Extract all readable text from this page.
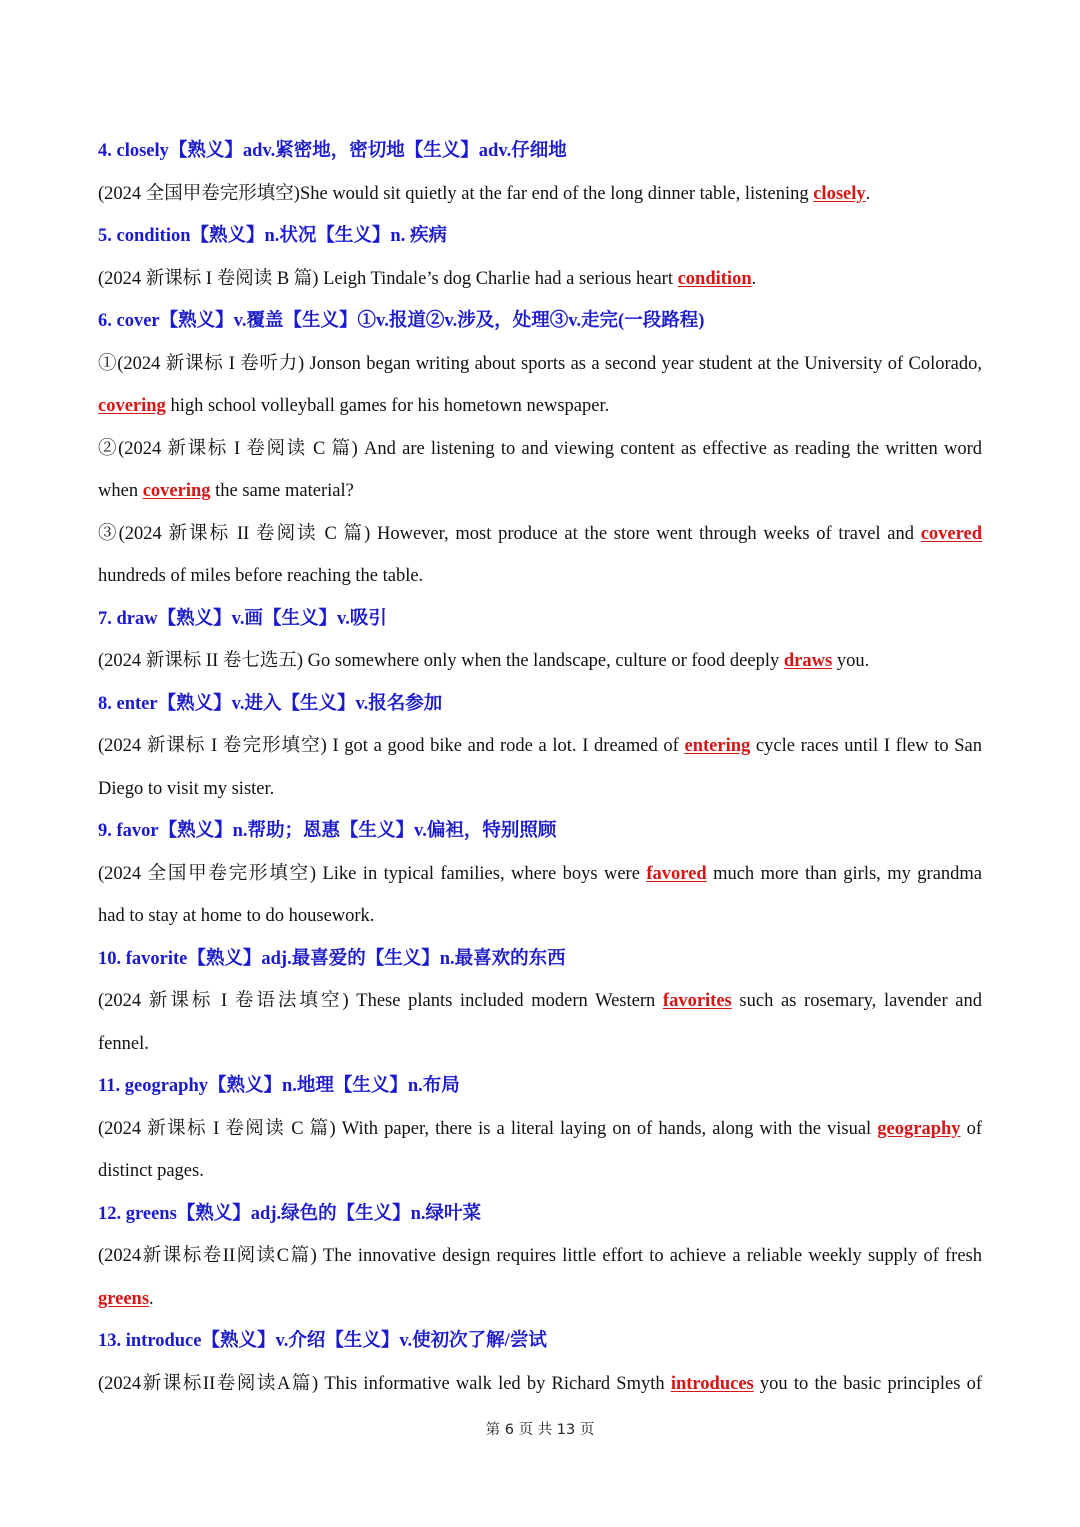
4. closely【熟义】adv.紧密地，密切地【生义】adv.仔细地
(2024 全国甲卷完形填空)She would sit quietly at the far end of the long dinner table, listening closely.
5. condition【熟义】n.状况【生义】n. 疾病
(2024 新课标 I 卷阅读 B 篇) Leigh Tindale’s dog Charlie had a serious heart condition.
6. cover【熟义】v.覆盖【生义】①v.报道②v.涉及，处理③v.走完(一段路程)
①(2024 新课标 I 卷听力) Jonson began writing about sports as a second year student at the University of Colorado,
covering high school volleyball games for his hometown newspaper.
②(2024 新课标 I 卷阅读 C 篇) And are listening to and viewing content as effective as reading the written word
when covering the same material?
③(2024 新课标 II 卷阅读 C 篇) However, most produce at the store went through weeks of travel and covered
hundreds of miles before reaching the table.
7. draw【熟义】v.画【生义】v.吸引
(2024 新课标 II 卷七选五) Go somewhere only when the landscape, culture or food deeply draws you.
8. enter【熟义】v.进入【生义】v.报名参加
(2024 新课标 I 卷完形填空) I got a good bike and rode a lot. I dreamed of entering cycle races until I flew to San
Diego to visit my sister.
9. favor【熟义】n.帮助；恩惠【生义】v.偏袒，特别照顾
(2024 全国甲卷完形填空) Like in typical families, where boys were favored much more than girls, my grandma
had to stay at home to do housework.
10. favorite【熟义】adj.最喜爱的【生义】n.最喜欢的东西
(2024 新课标 I 卷语法填空) These plants included modern Western favorites such as rosemary, lavender and
fennel.
11. geography【熟义】n.地理【生义】n.布局
(2024 新课标 I 卷阅读 C 篇) With paper, there is a literal laying on of hands, along with the visual geography of
distinct pages.
12. greens【熟义】adj.绿色的【生义】n.绿叶菜
(2024新课标卷II阅读C篇) The innovative design requires little effort to achieve a reliable weekly supply of fresh
greens.
13. introduce【熟义】v.介绍【生义】v.使初次了解/尝试
(2024新课标II卷阅读A篇) This informative walk led by Richard Smyth introduces you to the basic principles of
第 6 页 共 13 页
